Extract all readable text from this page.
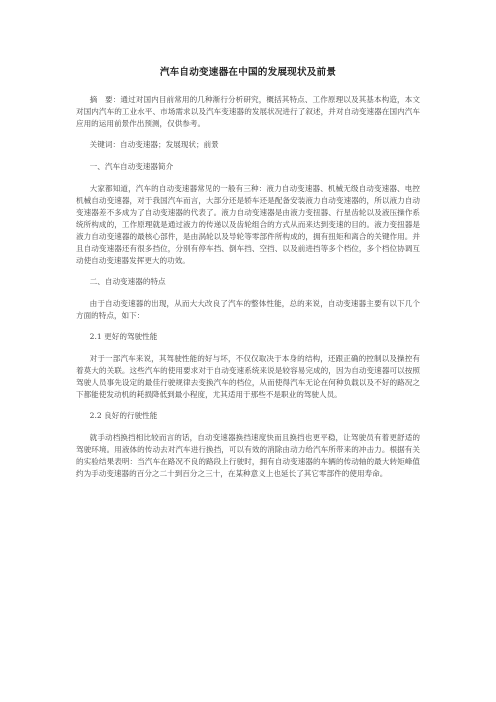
汽车自动变速器在中国的发展现状及前景

摘　要：通过对国内目前常用的几种渐行分析研究，概括其特点、工作原理以及其基本构造，本文对国内汽车的工业水平、市场需求以及汽车变速器的发展状况进行了叙述，并对自动变速器在国内汽车应用的运用前景作出预测，仅供参考。

关键词：自动变速器；发展现状；前景

一、汽车自动变速器简介

大家都知道，汽车的自动变速器常见的一般有三种：液力自动变速器、机械无级自动变速器、电控机械自动变速器，对于我国汽车而言，大部分还是轿车还是配备安装液力自动变速器的，所以液力自动变速器差不多成为了自动变速器的代表了。液力自动变速器是由液力变扭器、行星齿轮以及液压操作系统所构成的，工作原理就是通过液力的传递以及齿轮组合的方式从而来达到变速的目的。液力变扭器是液力自动变速器的最核心部件，是由涡轮以及导轮等零部件所构成的，拥有扭矩和离合的关键作用。并且自动变速器还有很多挡位，分别有停车挡、倒车挡、空挡、以及前进挡等多个档位，多个档位协调互动使自动变速器发挥更大的功效。

二、自动变速器的特点

由于自动变速器的出现，从而大大改良了汽车的整体性能，总的来说，自动变速器主要有以下几个方面的特点，如下：

2.1 更好的驾驶性能

对于一部汽车来说，其驾驶性能的好与坏，不仅仅取决于本身的结构，还跟正确的控制以及操控有着莫大的关联。这些汽车的使用要求对于自动变速系统来说是较容易完成的，因为自动变速器可以按照驾驶人员事先设定的最佳行驶规律去变换汽车的档位，从而使得汽车无论在何种负载以及不好的路况之下都能使发动机的耗损降低到最小程度，尤其适用于那些不是职业的驾驶人员。

2.2 良好的行驶性能

就手动档换挡相比较而言的话，自动变速器换挡速度快而且换挡也更平稳，让驾驶员有着更舒适的驾驶环境。用液体的传动去对汽车进行换挡，可以有效的消除由动力给汽车所带来的冲击力。根据有关的实验结果表明：当汽车在路况不良的路段上行驶时，拥有自动变速器的车辆的传动轴的最大转矩峰值约为手动变速器的百分之二十到百分之三十，在某种意义上也延长了其它零部件的使用寿命。
